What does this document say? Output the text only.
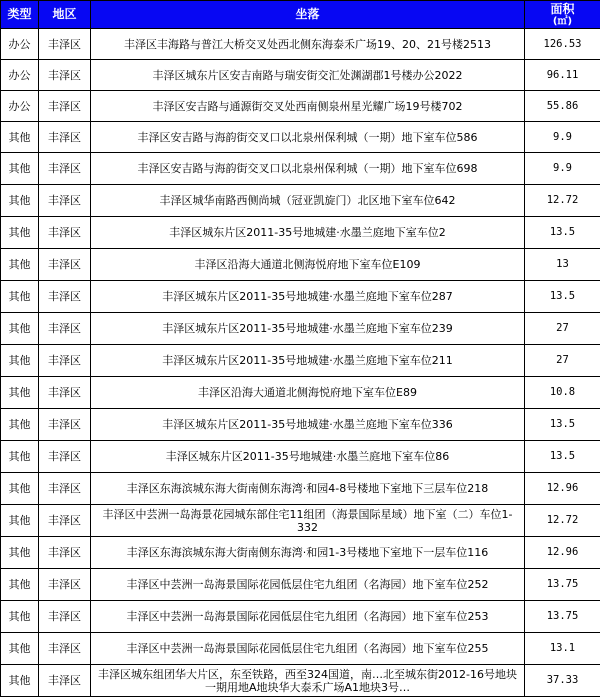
类型	地区	坐落	面积
(㎡)

办公	丰泽区	丰泽区丰海路与普江大桥交叉处西北侧东海泰禾广场19、20、21号楼2513	126.53
办公	丰泽区	丰泽区城东片区安吉南路与瑞安街交汇处渊湖郡1号楼办公2022	96.11
办公	丰泽区	丰泽区安吉路与通源街交叉处西南侧泉州星光耀广场19号楼702	55.86
其他	丰泽区	丰泽区安吉路与海韵街交叉口以北泉州保利城（一期）地下室车位586	9.9
其他	丰泽区	丰泽区安吉路与海韵街交叉口以北泉州保利城（一期）地下室车位698	9.9
其他	丰泽区	丰泽区城华南路西侧尚城（冠亚凯旋门）北区地下室车位642	12.72
其他	丰泽区	丰泽区城东片区2011-35号地城建·水墨兰庭地下室车位2	13.5
其他	丰泽区	丰泽区沿海大通道北侧海悦府地下室车位E109	13
其他	丰泽区	丰泽区城东片区2011-35号地城建·水墨兰庭地下室车位287	13.5
其他	丰泽区	丰泽区城东片区2011-35号地城建·水墨兰庭地下室车位239	27
其他	丰泽区	丰泽区城东片区2011-35号地城建·水墨兰庭地下室车位211	27
其他	丰泽区	丰泽区沿海大通道北侧海悦府地下室车位E89	10.8
其他	丰泽区	丰泽区城东片区2011-35号地城建·水墨兰庭地下室车位336	13.5
其他	丰泽区	丰泽区城东片区2011-35号地城建·水墨兰庭地下室车位86	13.5
其他	丰泽区	丰泽区东海滨城东海大街南侧东海湾·和园4-8号楼地下室地下三层车位218	12.96
其他	丰泽区	丰泽区中芸洲一岛海景花园城东部住宅11组团（海景国际星域）地下室（二）车位1-332	12.72
其他	丰泽区	丰泽区东海滨城东海大街南侧东海湾·和园1-3号楼地下室地下一层车位116	12.96
其他	丰泽区	丰泽区中芸洲一岛海景国际花园低层住宅九组团（名海园）地下室车位252	13.75
其他	丰泽区	丰泽区中芸洲一岛海景国际花园低层住宅九组团（名海园）地下室车位253	13.75
其他	丰泽区	丰泽区中芸洲一岛海景国际花园低层住宅九组团（名海园）地下室车位255	13.1
其他	丰泽区	丰泽区城东组团华大片区，东至铁路，西至324国道，南…北至城东街2012-16号地块一期用地A地块华大泰禾广场A1地块3号…	37.33
